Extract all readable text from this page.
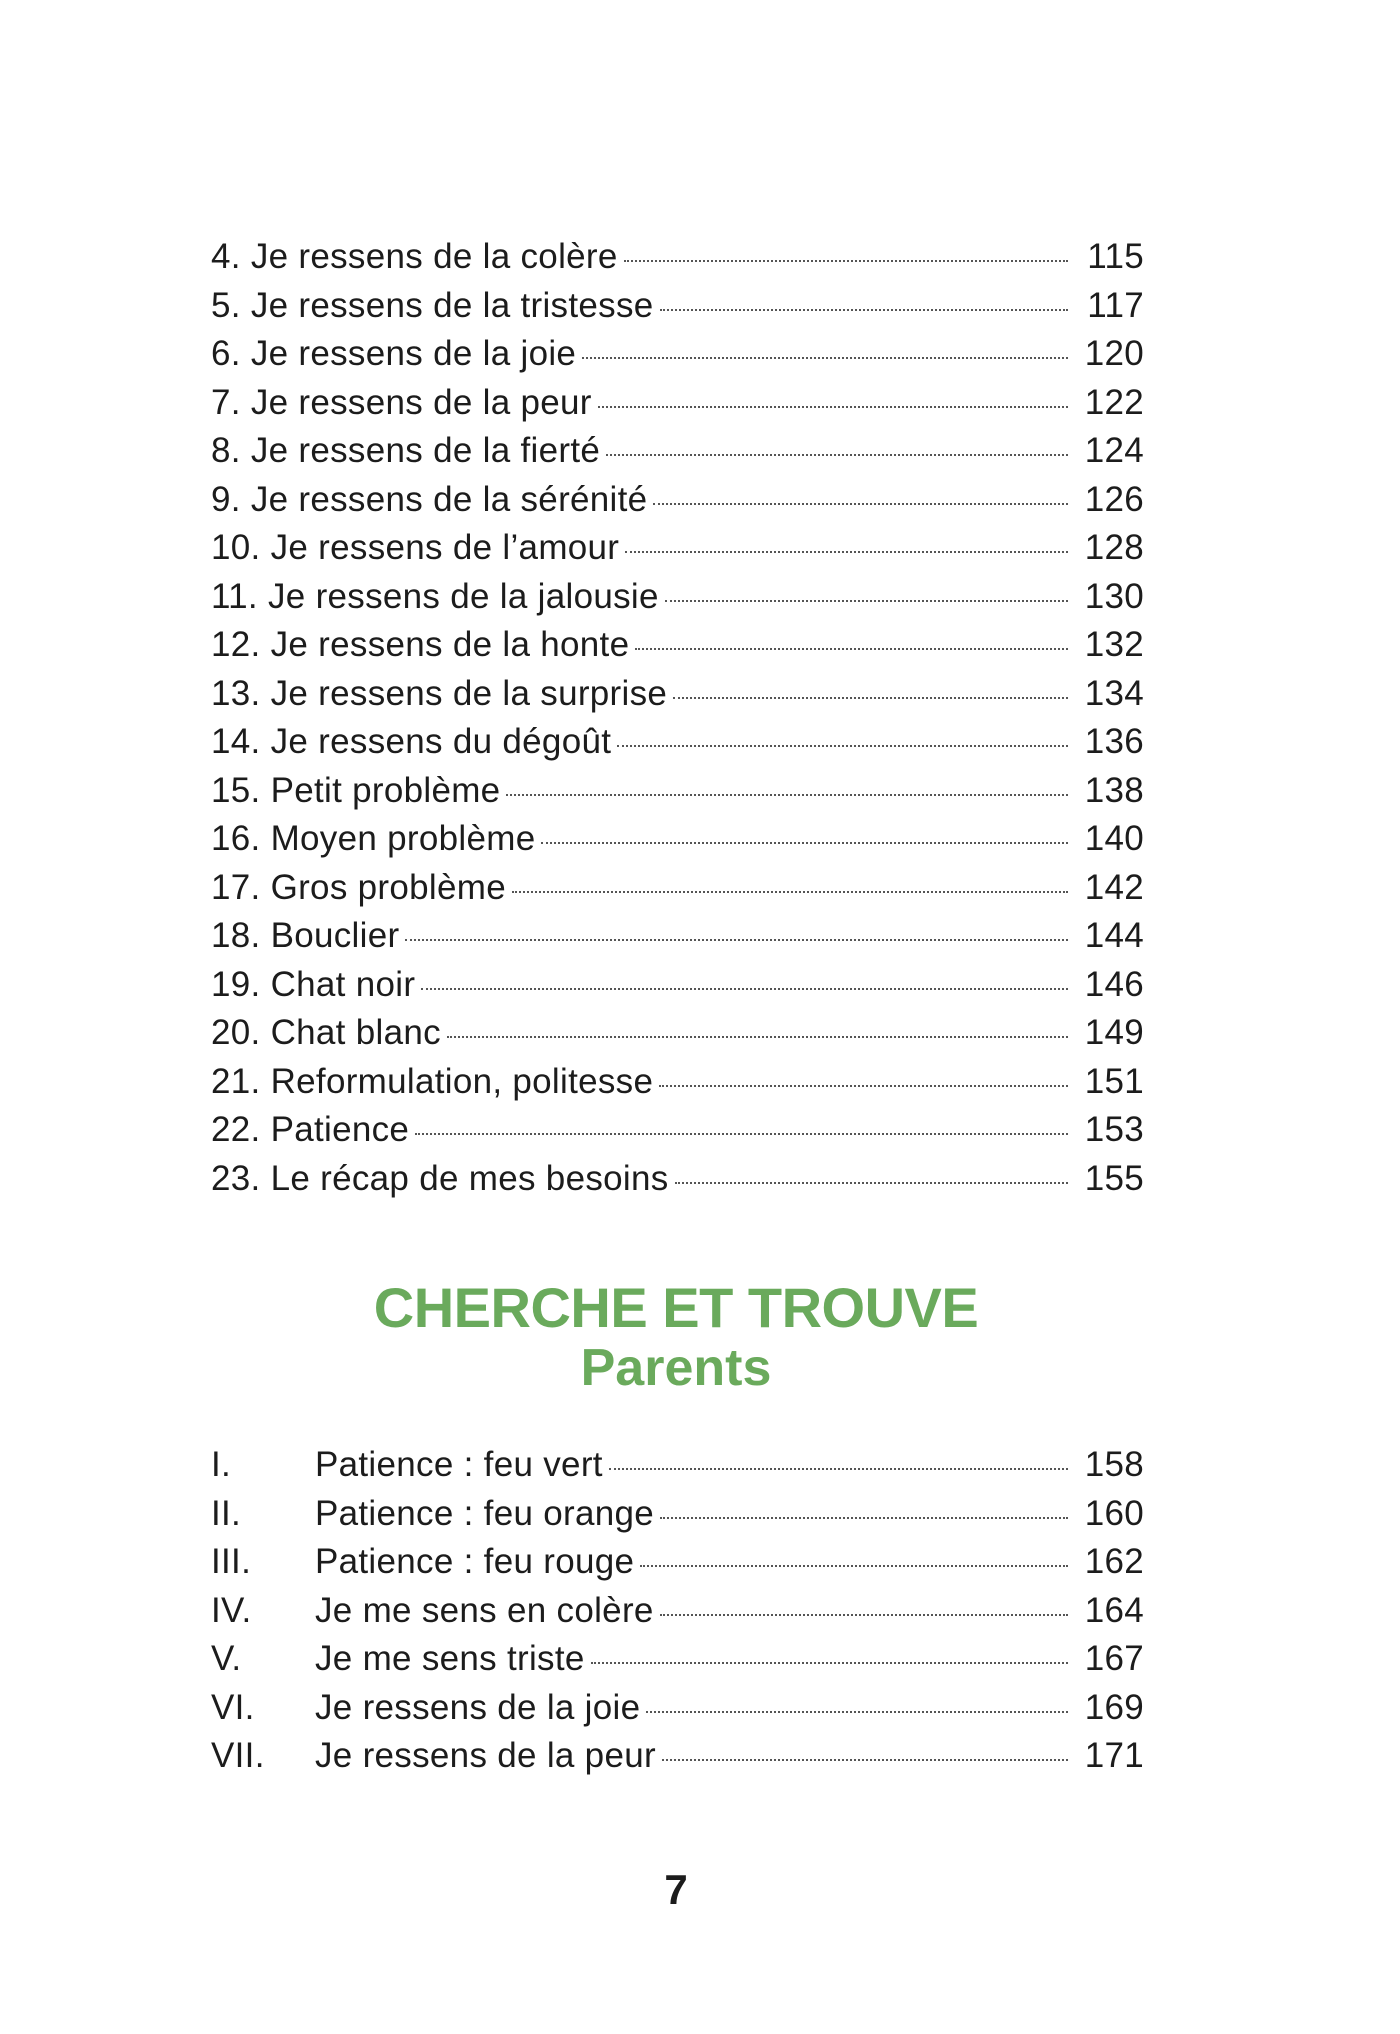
4. Je ressens de la colère	115
5. Je ressens de la tristesse	117
6. Je ressens de la joie	120
7. Je ressens de la peur	122
8. Je ressens de la fierté	124
9. Je ressens de la sérénité	126
10. Je ressens de l’amour	128
11. Je ressens de la jalousie	130
12. Je ressens de la honte	132
13. Je ressens de la surprise	134
14. Je ressens du dégoût	136
15. Petit problème	138
16. Moyen problème	140
17. Gros problème	142
18. Bouclier	144
19. Chat noir	146
20. Chat blanc	149
21. Reformulation, politesse	151
22. Patience	153
23. Le récap de mes besoins	155
CHERCHE ET TROUVE
Parents
I.	Patience : feu vert	158
II.	Patience : feu orange	160
III.	Patience : feu rouge	162
IV.	Je me sens en colère	164
V.	Je me sens triste	167
VI.	Je ressens de la joie	169
VII.	Je ressens de la peur	171
7
